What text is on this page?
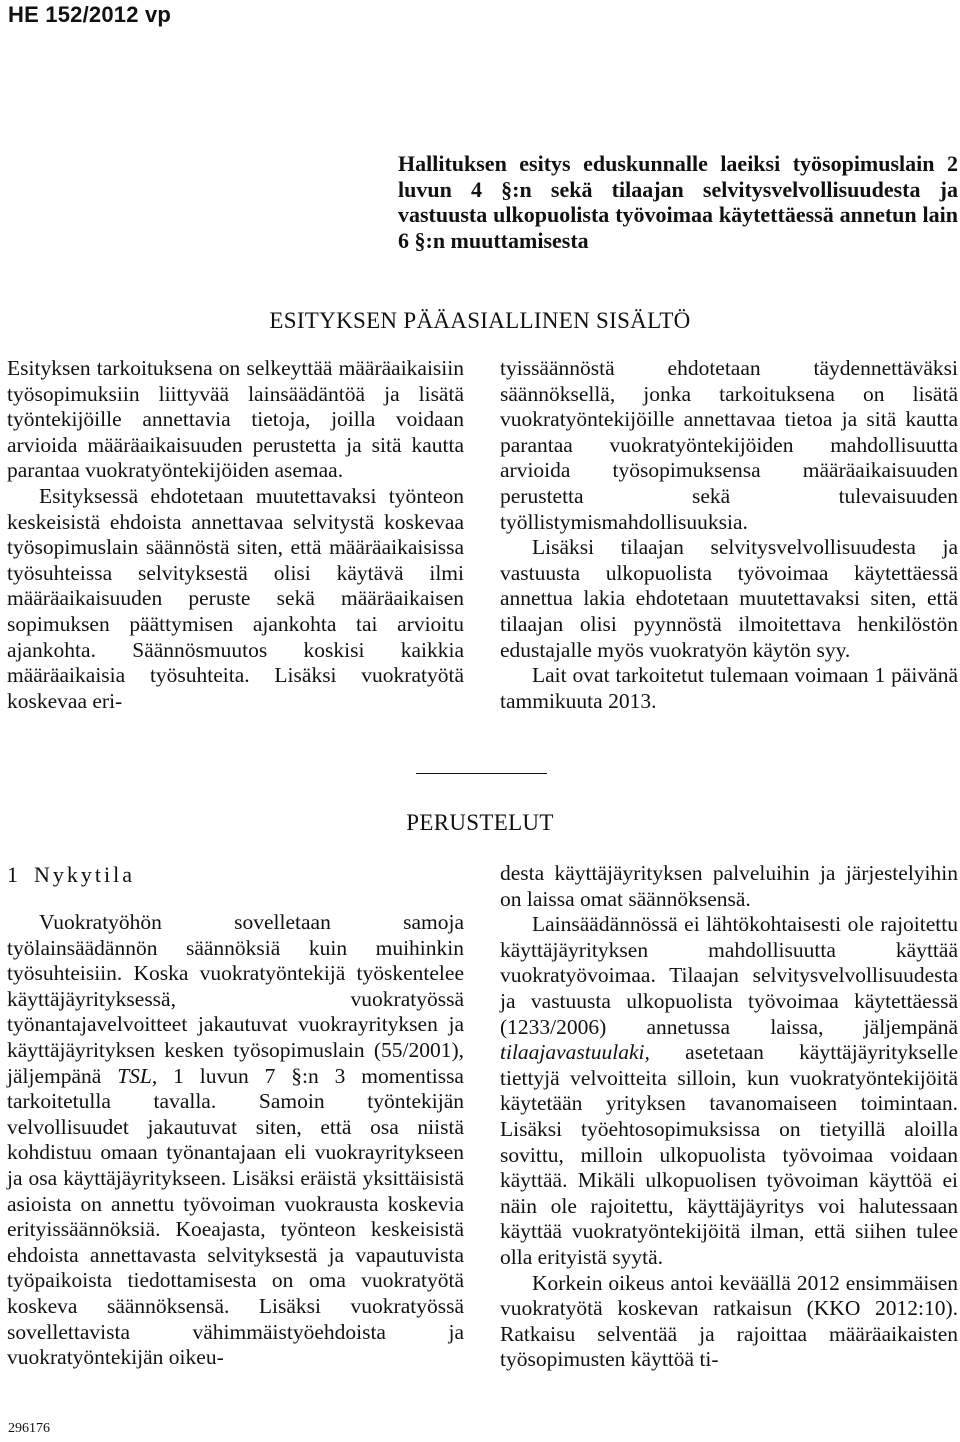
HE 152/2012 vp
Hallituksen esitys eduskunnalle laeiksi työsopimuslain 2 luvun 4 §:n sekä tilaajan selvitysvelvollisuudesta ja vastuusta ulkopuolista työvoimaa käytettäessä annetun lain 6 §:n muuttamisesta
ESITYKSEN PÄÄASIALLINEN SISÄLTÖ

Esityksen tarkoituksena on selkeyttää määräaikaisiin työsopimuksiin liittyvää lainsäädäntöä ja lisätä työntekijöille annettavia tietoja, joilla voidaan arvioida määräaikaisuuden perustetta ja sitä kautta parantaa vuokratyöntekijöiden asemaa.

Esityksessä ehdotetaan muutettavaksi työnteon keskeisistä ehdoista annettavaa selvitystä koskevaa työsopimuslain säännöstä siten, että määräaikaisissa työsuhteissa selvityksestä olisi käytävä ilmi määräaikaisuuden peruste sekä määräaikaisen sopimuksen päättymisen ajankohta tai arvioitu ajankohta. Säännösmuutos koskisi kaikkia määräaikaisia työsuhteita. Lisäksi vuokratyötä koskevaa eri-

tyissäännöstä ehdotetaan täydennettäväksi säännöksellä, jonka tarkoituksena on lisätä vuokratyöntekijöille annettavaa tietoa ja sitä kautta parantaa vuokratyöntekijöiden mahdollisuutta arvioida työsopimuksensa määräaikaisuuden perustetta sekä tulevaisuuden työllistymismahdollisuuksia.

Lisäksi tilaajan selvitysvelvollisuudesta ja vastuusta ulkopuolista työvoimaa käytettäessä annettua lakia ehdotetaan muutettavaksi siten, että tilaajan olisi pyynnöstä ilmoitettava henkilöstön edustajalle myös vuokratyön käytön syy.

Lait ovat tarkoitetut tulemaan voimaan 1 päivänä tammikuuta 2013.

PERUSTELUT
1 Nykytila

Vuokratyöhön sovelletaan samoja työlainsäädännön säännöksiä kuin muihinkin työsuhteisiin. Koska vuokratyöntekijä työskentelee käyttäjäyrityksessä, vuokratyössä työnantajavelvoitteet jakautuvat vuokrayrityksen ja käyttäjäyrityksen kesken työsopimuslain (55/2001), jäljempänä TSL, 1 luvun 7 §:n 3 momentissa tarkoitetulla tavalla. Samoin työntekijän velvollisuudet jakautuvat siten, että osa niistä kohdistuu omaan työnantajaan eli vuokrayritykseen ja osa käyttäjäyritykseen. Lisäksi eräistä yksittäisistä asioista on annettu työvoiman vuokrausta koskevia erityissäännöksiä. Koeajasta, työnteon keskeisistä ehdoista annettavasta selvityksestä ja vapautuvista työpaikoista tiedottamisesta on oma vuokratyötä koskeva säännöksensä. Lisäksi vuokratyössä sovellettavista vähimmäistyöehdoista ja vuokratyöntekijän oikeu-

desta käyttäjäyrityksen palveluihin ja järjestelyihin on laissa omat säännöksensä.

Lainsäädännössä ei lähtökohtaisesti ole rajoitettu käyttäjäyrityksen mahdollisuutta käyttää vuokratyövoimaa. Tilaajan selvitysvelvollisuudesta ja vastuusta ulkopuolista työvoimaa käytettäessä (1233/2006) annetussa laissa, jäljempänä tilaajavastuulaki, asetetaan käyttäjäyritykselle tiettyjä velvoitteita silloin, kun vuokratyöntekijöitä käytetään yrityksen tavanomaiseen toimintaan. Lisäksi työehtosopimuksissa on tietyillä aloilla sovittu, milloin ulkopuolista työvoimaa voidaan käyttää. Mikäli ulkopuolisen työvoiman käyttöä ei näin ole rajoitettu, käyttäjäyritys voi halutessaan käyttää vuokratyöntekijöitä ilman, että siihen tulee olla erityistä syytä.

Korkein oikeus antoi keväällä 2012 ensimmäisen vuokratyötä koskevan ratkaisun (KKO 2012:10). Ratkaisu selventää ja rajoittaa määräaikaisten työsopimusten käyttöä ti-

296176
